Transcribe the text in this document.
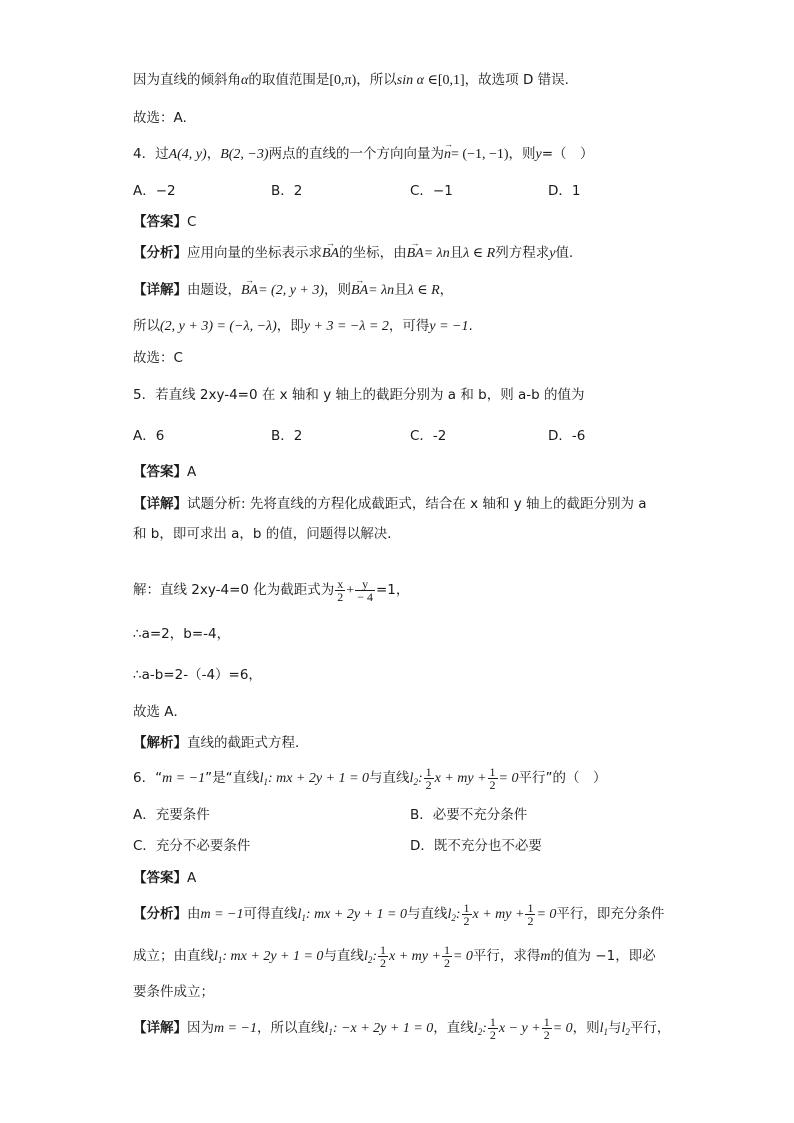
因为直线的倾斜角α的取值范围是[0,π)，所以sin α ∈[0,1]，故选项 D 错误.
故选：A.
4．过A(4, y)，B(2, −3)两点的直线的一个方向向量为→ n= (−1, −1)，则y=（　）
A．−2	B．2	C．−1	D．1
【答案】C
【分析】应用向量的坐标表示求→ BA的坐标，由→ BA= λn且λ ∈ R列方程求y值.
【详解】由题设，→ BA= (2, y + 3)，则→ BA= λn且λ ∈ R，
所以(2, y + 3) = (−λ, −λ)，即y + 3 = −λ = 2，可得y = −1.
故选：C
5．若直线 2xy-4=0 在 x 轴和 y 轴上的截距分别为 a 和 b，则 a-b 的值为
A．6	B．2	C．-2	D．-6
【答案】A
【详解】试题分析: 先将直线的方程化成截距式，结合在 x 轴和 y 轴上的截距分别为 a
和 b，即可求出 a，b 的值，问题得以解决．
解：直线 2xy-4=0 化为截距式为 $\frac{x}{2} + \frac{y}{- 4} =1$，
∴a=2，b=-4，
∴a-b=2-（-4）=6，
故选 A．
【解析】直线的截距式方程．
6．“m = −1”是“直线$l_1$: mx + 2y + 1 = 0与直线$l_2$: $\frac{1}{2}$ x + my + $\frac{1}{2} = 0$平行”的（　）
A．充要条件	B．必要不充分条件
C．充分不必要条件	D．既不充分也不必要
【答案】A
【分析】由m = −1可得直线$l_1$: mx + 2y + 1 = 0与直线$l_2$: $\frac{1}{2}$ x + my + $\frac{1}{2} = 0$平行，即充分条件
成立；由直线$l_1$: mx + 2y + 1 = 0与直线$l_2$: $\frac{1}{2}$ x + my + $\frac{1}{2} = 0$平行，求得m的值为 −1，即必
要条件成立；
【详解】因为m = −1，所以直线$l_1$: −x + 2y + 1 = 0，直线$l_2$: $\frac{1}{2}$ $x - y + \frac{1}{2} = 0$，则$l_1$与$l_2$平行，
